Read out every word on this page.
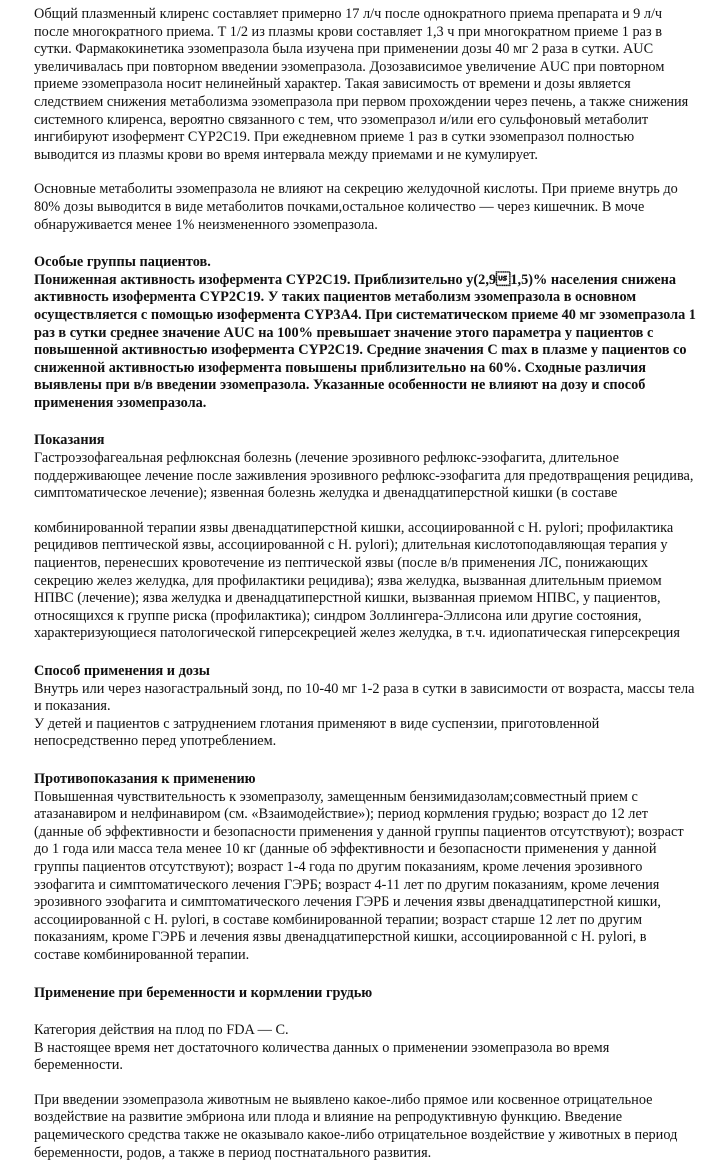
Общий плазменный клиренс составляет примерно 17 л/ч после однократного приема препарата и 9 л/ч после многократного приема. T 1/2 из плазмы крови составляет 1,3 ч при многократном приеме 1 раз в сутки. Фармакокинетика эзомепразола была изучена при применении дозы 40 мг 2 раза в сутки. AUC увеличивалась при повторном введении эзомепразола. Дозозависимое увеличение AUC при повторном приеме эзомепразола носит нелинейный характер. Такая зависимость от времени и дозы является следствием снижения метаболизма эзомепразола при первом прохождении через печень, а также снижения системного клиренса, вероятно связанного с тем, что эзомепразол и/или его сульфоновый метаболит ингибируют изофермент CYP2C19. При ежедневном приеме 1 раз в сутки эзомепразол полностью выводится из плазмы крови во время интервала между приемами и не кумулирует.

Основные метаболиты эзомепразола не влияют на секрецию желудочной кислоты. При приеме внутрь до 80% дозы выводится в виде метаболитов почками,остальное количество — через кишечник. В моче обнаруживается менее 1% неизмененного эзомепразола.

Особые группы пациентов.

Пониженная активность изофермента CYP2C19. Приблизительно у(2,91,5)% населения снижена активность изофермента CYP2C19. У таких пациентов метаболизм эзомепразола в основном осуществляется с помощью изофермента CYP3A4. При систематическом приеме 40 мг эзомепразола 1 раз в сутки среднее значение AUC на 100% превышает значение этого параметра у пациентов с повышенной активностью изофермента CYP2C19. Средние значения C max в плазме у пациентов со сниженной активностью изофермента повышены приблизительно на 60%. Сходные различия выявлены при в/в введении эзомепразола. Указанные особенности не влияют на дозу и способ применения эзомепразола.

Показания

Гастроэзофагеальная рефлюксная болезнь (лечение эрозивного рефлюкс-эзофагита, длительное поддерживающее лечение после заживления эрозивного рефлюкс-эзофагита для предотвращения рецидива, симптоматическое лечение); язвенная болезнь желудка и двенадцатиперстной кишки (в составе

комбинированной терапии язвы двенадцатиперстной кишки, ассоциированной с H. pylori; профилактика рецидивов пептической язвы, ассоциированной с H. pylori); длительная кислотоподавляющая терапия у пациентов, перенесших кровотечение из пептической язвы (после в/в применения ЛС, понижающих секрецию желез желудка, для профилактики рецидива); язва желудка, вызванная длительным приемом НПВС (лечение); язва желудка и двенадцатиперстной кишки, вызванная приемом НПВС, у пациентов, относящихся к группе риска (профилактика); синдром Золлингера-Эллисона или другие состояния, характеризующиеся патологической гиперсекрецией желез желудка, в т.ч. идиопатическая гиперсекреция

Способ применения и дозы

Внутрь или через назогастральный зонд, по 10-40 мг 1-2 раза в сутки в зависимости от возраста, массы тела и показания.

У детей и пациентов с затруднением глотания применяют в виде суспензии, приготовленной непосредственно перед употреблением.

Противопоказания к применению

Повышенная чувствительность к эзомепразолу, замещенным бензимидазолам;совместный прием с атазанавиром и нелфинавиром (см. «Взаимодействие»); период кормления грудью; возраст до 12 лет (данные об эффективности и безопасности применения у данной группы пациентов отсутствуют); возраст до 1 года или масса тела менее 10 кг (данные об эффективности и безопасности применения у данной группы пациентов отсутствуют); возраст 1-4 года по другим показаниям, кроме лечения эрозивного эзофагита и симптоматического лечения ГЭРБ; возраст 4-11 лет по другим показаниям, кроме лечения эрозивного эзофагита и симптоматического лечения ГЭРБ и лечения язвы двенадцатиперстной кишки, ассоциированной с H. pylori, в составе комбинированной терапии; возраст старше 12 лет по другим показаниям, кроме ГЭРБ и лечения язвы двенадцатиперстной кишки, ассоциированной с H. pylori, в составе комбинированной терапии.

Применение при беременности и кормлении грудью

Категория действия на плод по FDA — C.

В настоящее время нет достаточного количества данных о применении эзомепразола во время беременности.

При введении эзомепразола животным не выявлено какое-либо прямое или косвенное отрицательное воздействие на развитие эмбриона или плода и влияние на репродуктивную функцию. Введение рацемического средства также не оказывало какое-либо отрицательное воздействие у животных в период беременности, родов, а также в период постнатального развития.
